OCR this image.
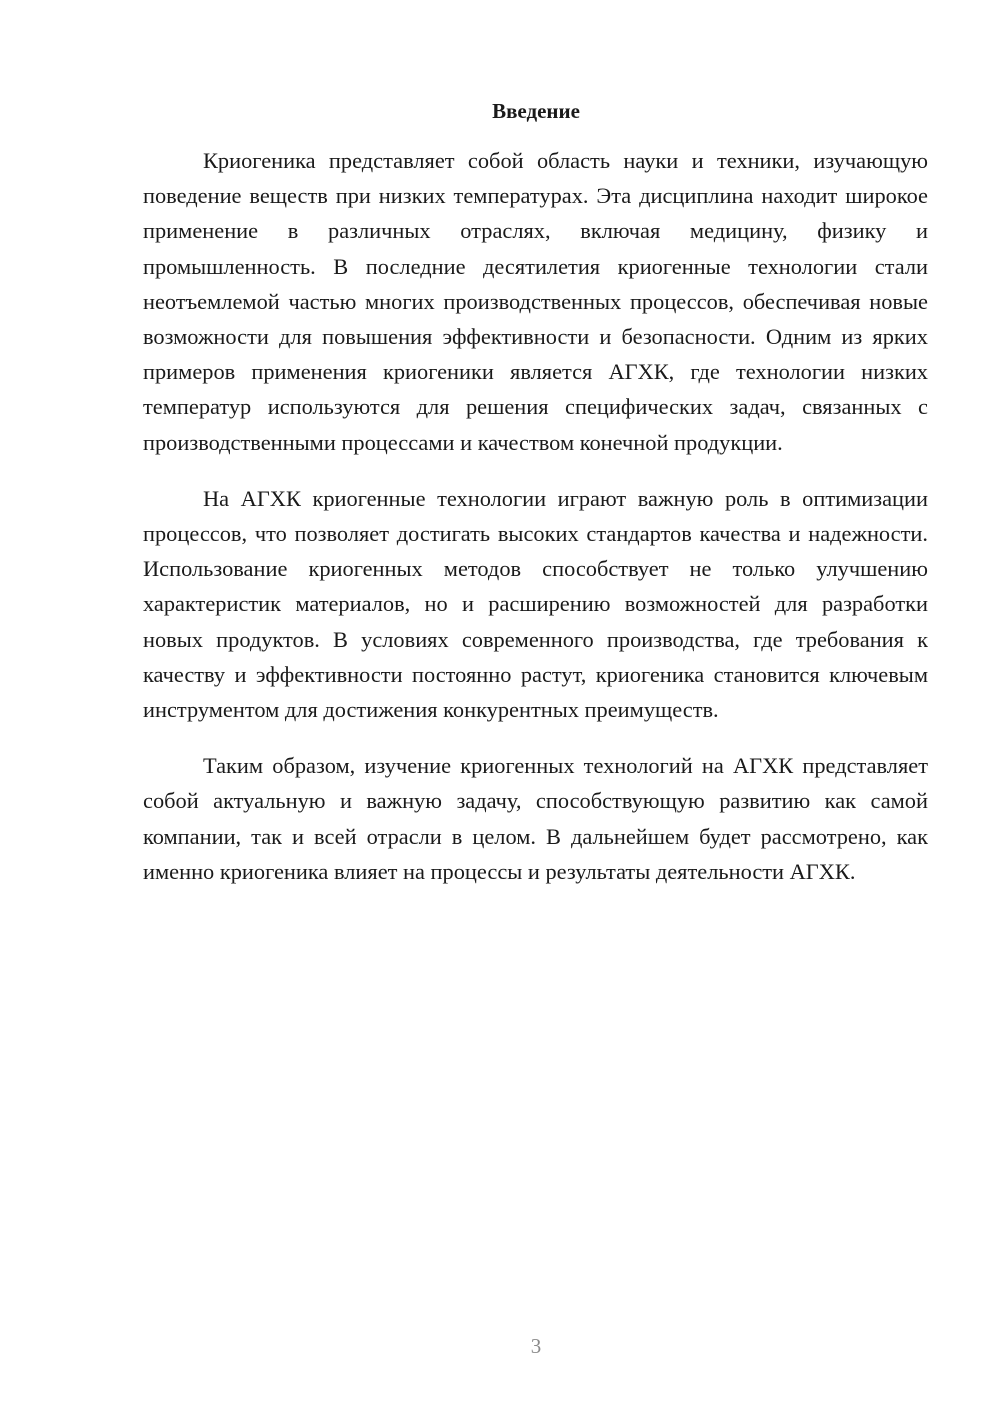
Введение

Криогеника представляет собой область науки и техники, изучающую поведение веществ при низких температурах. Эта дисциплина находит широкое применение в различных отраслях, включая медицину, физику и промышленность. В последние десятилетия криогенные технологии стали неотъемлемой частью многих производственных процессов, обеспечивая новые возможности для повышения эффективности и безопасности. Одним из ярких примеров применения криогеники является АГХК, где технологии низких температур используются для решения специфических задач, связанных с производственными процессами и качеством конечной продукции.

На АГХК криогенные технологии играют важную роль в оптимизации процессов, что позволяет достигать высоких стандартов качества и надежности. Использование криогенных методов способствует не только улучшению характеристик материалов, но и расширению возможностей для разработки новых продуктов. В условиях современного производства, где требования к качеству и эффективности постоянно растут, криогеника становится ключевым инструментом для достижения конкурентных преимуществ.

Таким образом, изучение криогенных технологий на АГХК представляет собой актуальную и важную задачу, способствующую развитию как самой компании, так и всей отрасли в целом. В дальнейшем будет рассмотрено, как именно криогеника влияет на процессы и результаты деятельности АГХК.

3
